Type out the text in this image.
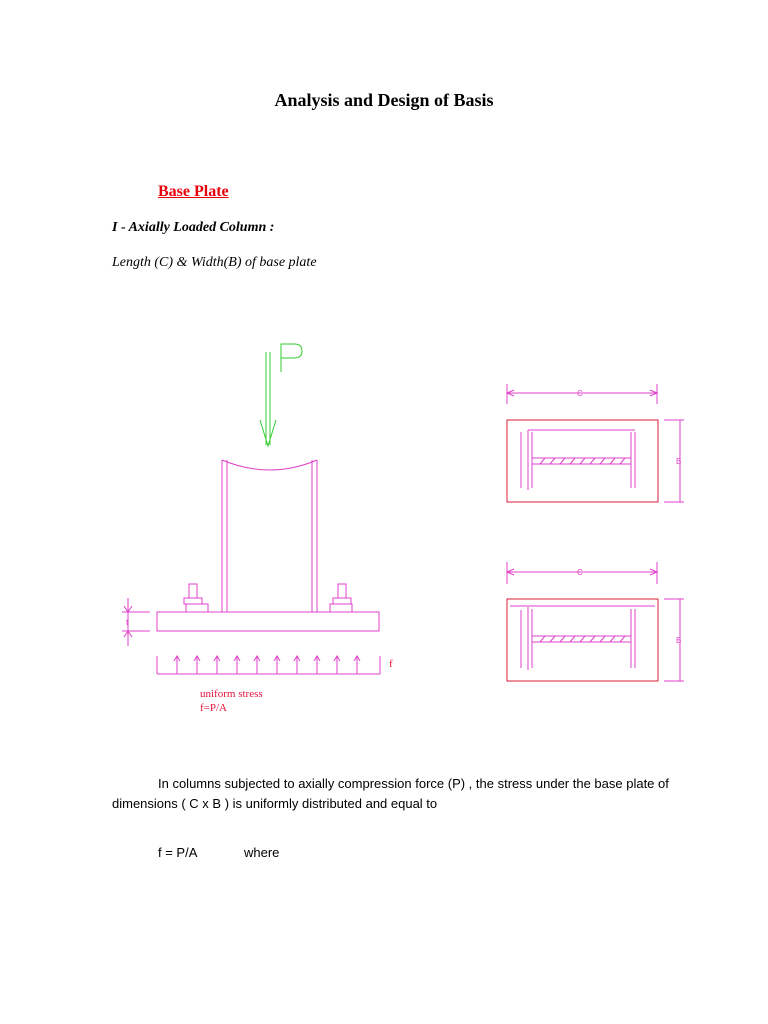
Analysis and Design of Basis
Base Plate
I - Axially Loaded Column :
Length (C) & Width(B) of base plate
t
f
uniform stress
f=P/A
C
B
C
B

In columns subjected to axially compression force (P) , the stress under the base plate of dimensions ( C x B ) is uniformly distributed and equal to

f = P/A	where
